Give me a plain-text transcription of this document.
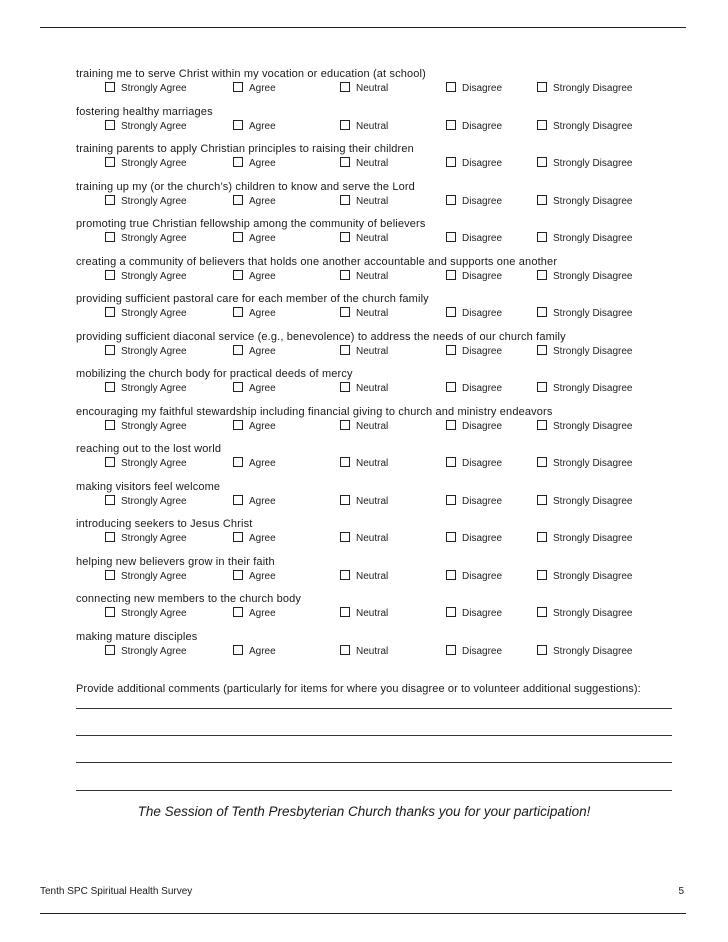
training me to serve Christ within my vocation or education (at school)
Strongly Agree	Agree	Neutral	Disagree	Strongly Disagree
fostering healthy marriages
Strongly Agree	Agree	Neutral	Disagree	Strongly Disagree
training parents to apply Christian principles to raising their children
Strongly Agree	Agree	Neutral	Disagree	Strongly Disagree
training up my (or the church’s) children to know and serve the Lord
Strongly Agree	Agree	Neutral	Disagree	Strongly Disagree
promoting true Christian fellowship among the community of believers
Strongly Agree	Agree	Neutral	Disagree	Strongly Disagree
creating a community of believers that holds one another accountable and supports one another
Strongly Agree	Agree	Neutral	Disagree	Strongly Disagree
providing sufficient pastoral care for each member of the church family
Strongly Agree	Agree	Neutral	Disagree	Strongly Disagree
providing sufficient diaconal service (e.g., benevolence) to address the needs of our church family
Strongly Agree	Agree	Neutral	Disagree	Strongly Disagree
mobilizing the church body for practical deeds of mercy
Strongly Agree	Agree	Neutral	Disagree	Strongly Disagree
encouraging my faithful stewardship including financial giving to church and ministry endeavors
Strongly Agree	Agree	Neutral	Disagree	Strongly Disagree
reaching out to the lost world
Strongly Agree	Agree	Neutral	Disagree	Strongly Disagree
making visitors feel welcome
Strongly Agree	Agree	Neutral	Disagree	Strongly Disagree
introducing seekers to Jesus Christ
Strongly Agree	Agree	Neutral	Disagree	Strongly Disagree
helping new believers grow in their faith
Strongly Agree	Agree	Neutral	Disagree	Strongly Disagree
connecting new members to the church body
Strongly Agree	Agree	Neutral	Disagree	Strongly Disagree
making mature disciples
Strongly Agree	Agree	Neutral	Disagree	Strongly Disagree
Provide additional comments (particularly for items for where you disagree or to volunteer additional suggestions):
The Session of Tenth Presbyterian Church thanks you for your participation!
Tenth SPC Spiritual Health Survey	5
